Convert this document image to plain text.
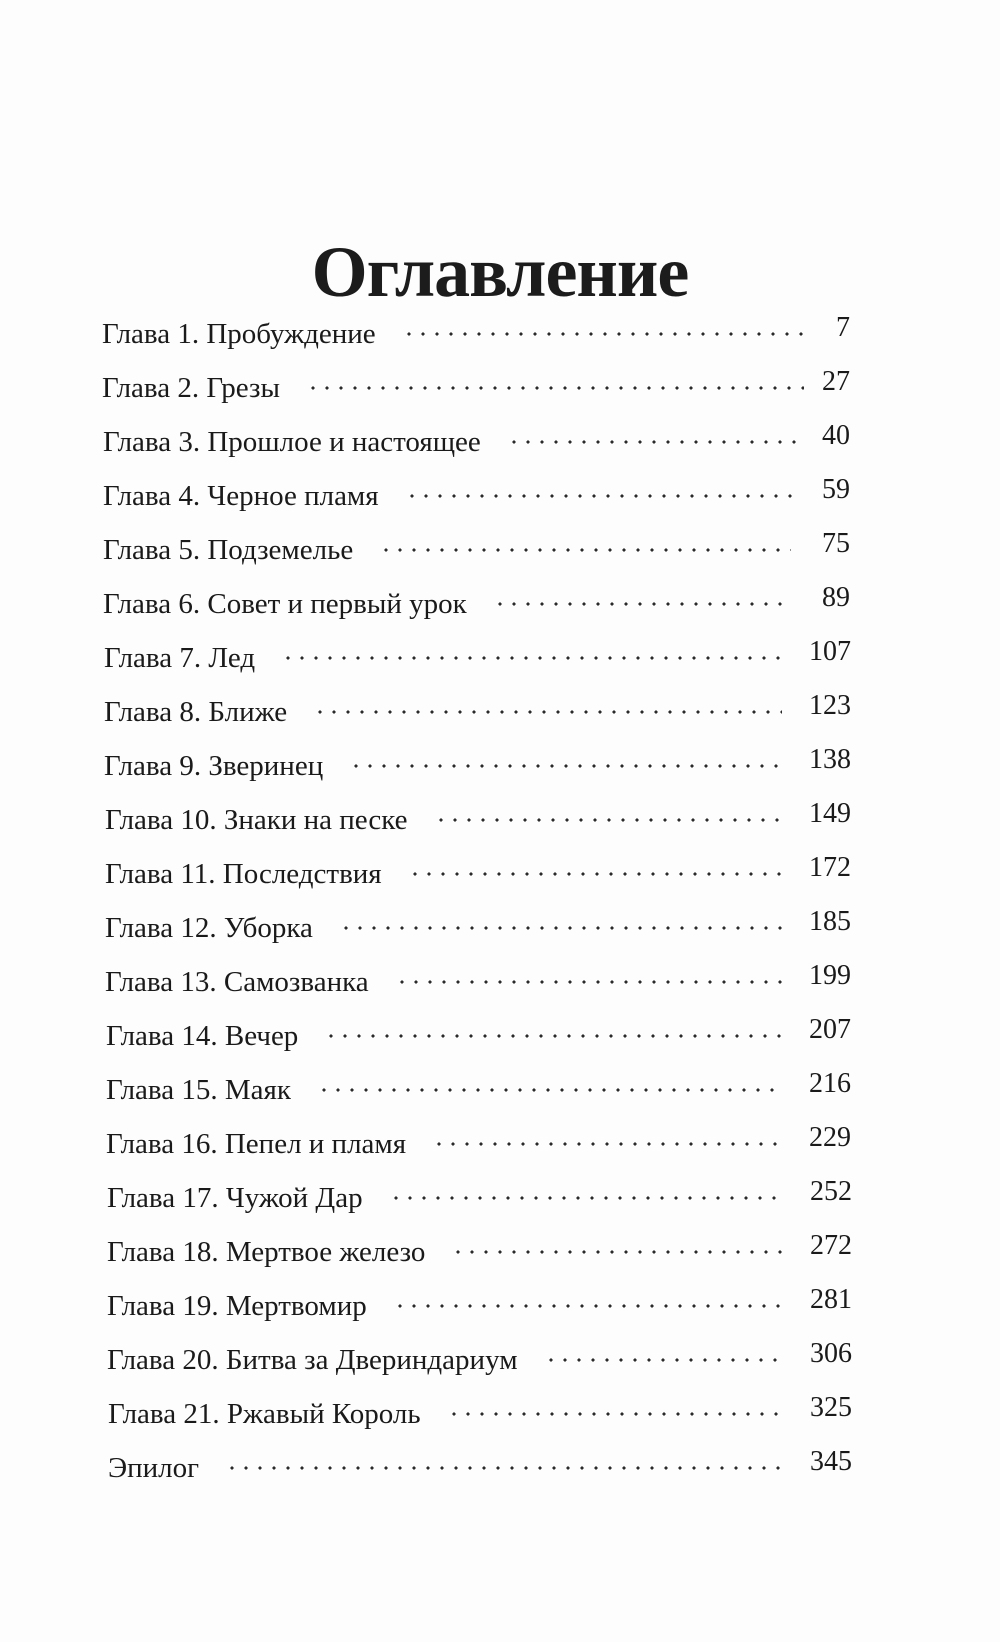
Оглавление
Глава 1. Пробуждение	7
Глава 2. Грезы	27
Глава 3. Прошлое и настоящее	40
Глава 4. Черное пламя	59
Глава 5. Подземелье	75
Глава 6. Совет и первый урок	89
Глава 7. Лед	107
Глава 8. Ближе	123
Глава 9. Зверинец	138
Глава 10. Знаки на песке	149
Глава 11. Последствия	172
Глава 12. Уборка	185
Глава 13. Самозванка	199
Глава 14. Вечер	207
Глава 15. Маяк	216
Глава 16. Пепел и пламя	229
Глава 17. Чужой Дар	252
Глава 18. Мертвое железо	272
Глава 19. Мертвомир	281
Глава 20. Битва за Двериндариум	306
Глава 21. Ржавый Король	325
Эпилог	345
